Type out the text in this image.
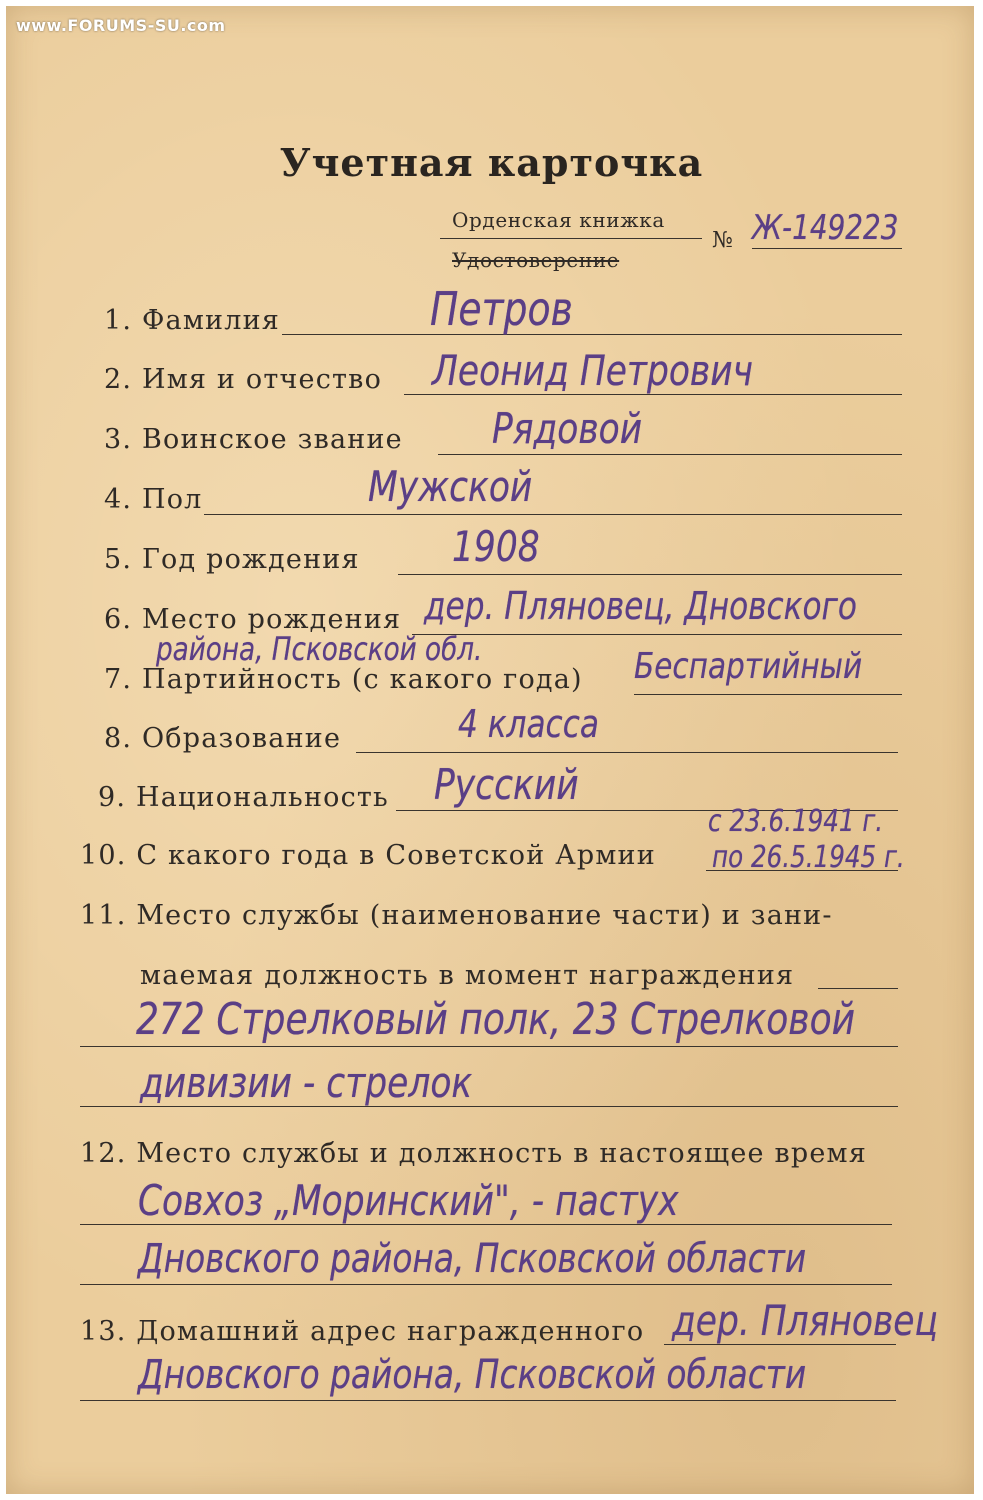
www.FORUMS-SU.com
Учетная карточка
Орденская книжка
Удостоверение
№ Ж-149223
1. Фамилия	Петров
2. Имя и отчество Леонид Петрович
3. Воинское звание Рядовой
4. Пол	Мужской
5. Год рождения 1908
6. Место рождения дер. Пляновец, Дновского
района, Псковской обл.
7. Партийность (с какого года) Беспартийный
8. Образование	4 класса
9. Национальность Русский
10. С какого года в Советской Армии
с 23.6.1941 г.
по 26.5.1945 г.
11. Место службы (наименование части) и зани-
маемая должность в момент награждения
272 Стрелковый полк, 23 Стрелковой
дивизии - стрелок
12. Место службы и должность в настоящее время
Совхоз „Моринский", - пастух
Дновского района, Псковской области
13. Домашний адрес награжденного дер. Пляновец
Дновского района, Псковской области
